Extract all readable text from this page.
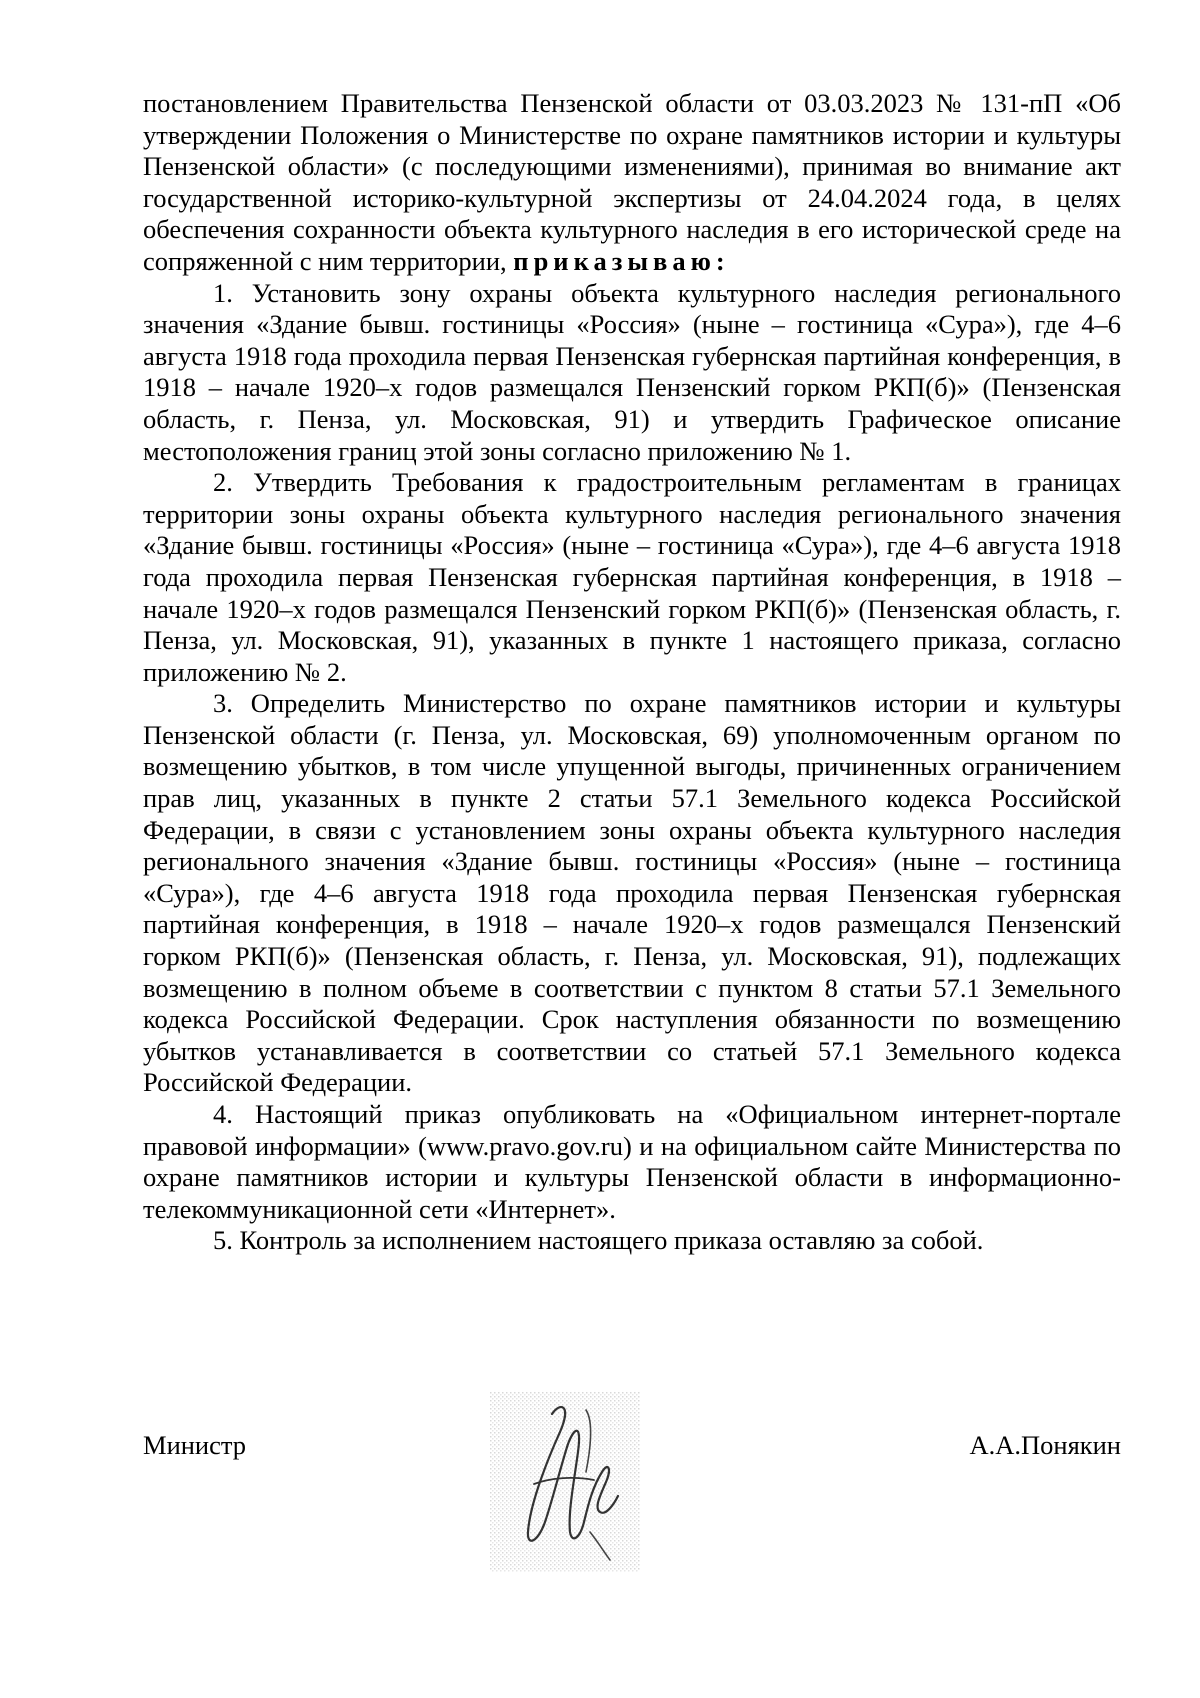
постановлением Правительства Пензенской области от 03.03.2023 № 131-пП «Об утверждении Положения о Министерстве по охране памятников истории и культуры Пензенской области» (с последующими изменениями), принимая во внимание акт государственной историко-культурной экспертизы от 24.04.2024 года, в целях обеспечения сохранности объекта культурного наследия в его исторической среде на сопряженной с ним территории, приказываю:

1. Установить зону охраны объекта культурного наследия регионального значения «Здание бывш. гостиницы «Россия» (ныне – гостиница «Сура»), где 4–6 августа 1918 года проходила первая Пензенская губернская партийная конференция, в 1918 – начале 1920–х годов размещался Пензенский горком РКП(б)» (Пензенская область, г. Пенза, ул. Московская, 91) и утвердить Графическое описание местоположения границ этой зоны согласно приложению № 1.

2. Утвердить Требования к градостроительным регламентам в границах территории зоны охраны объекта культурного наследия регионального значения «Здание бывш. гостиницы «Россия» (ныне – гостиница «Сура»), где 4–6 августа 1918 года проходила первая Пензенская губернская партийная конференция, в 1918 – начале 1920–х годов размещался Пензенский горком РКП(б)» (Пензенская область, г. Пенза, ул. Московская, 91), указанных в пункте 1 настоящего приказа, согласно приложению № 2.

3. Определить Министерство по охране памятников истории и культуры Пензенской области (г. Пенза, ул. Московская, 69) уполномоченным органом по возмещению убытков, в том числе упущенной выгоды, причиненных ограничением прав лиц, указанных в пункте 2 статьи 57.1 Земельного кодекса Российской Федерации, в связи с установлением зоны охраны объекта культурного наследия регионального значения «Здание бывш. гостиницы «Россия» (ныне – гостиница «Сура»), где 4–6 августа 1918 года проходила первая Пензенская губернская партийная конференция, в 1918 – начале 1920–х годов размещался Пензенский горком РКП(б)» (Пензенская область, г. Пенза, ул. Московская, 91), подлежащих возмещению в полном объеме в соответствии с пунктом 8 статьи 57.1 Земельного кодекса Российской Федерации. Срок наступления обязанности по возмещению убытков устанавливается в соответствии со статьей 57.1 Земельного кодекса Российской Федерации.

4. Настоящий приказ опубликовать на «Официальном интернет-портале правовой информации» (www.pravo.gov.ru) и на официальном сайте Министерства по охране памятников истории и культуры Пензенской области в информационно-телекоммуникационной сети «Интернет».

5. Контроль за исполнением настоящего приказа оставляю за собой.

Министр	А.А.Понякин
